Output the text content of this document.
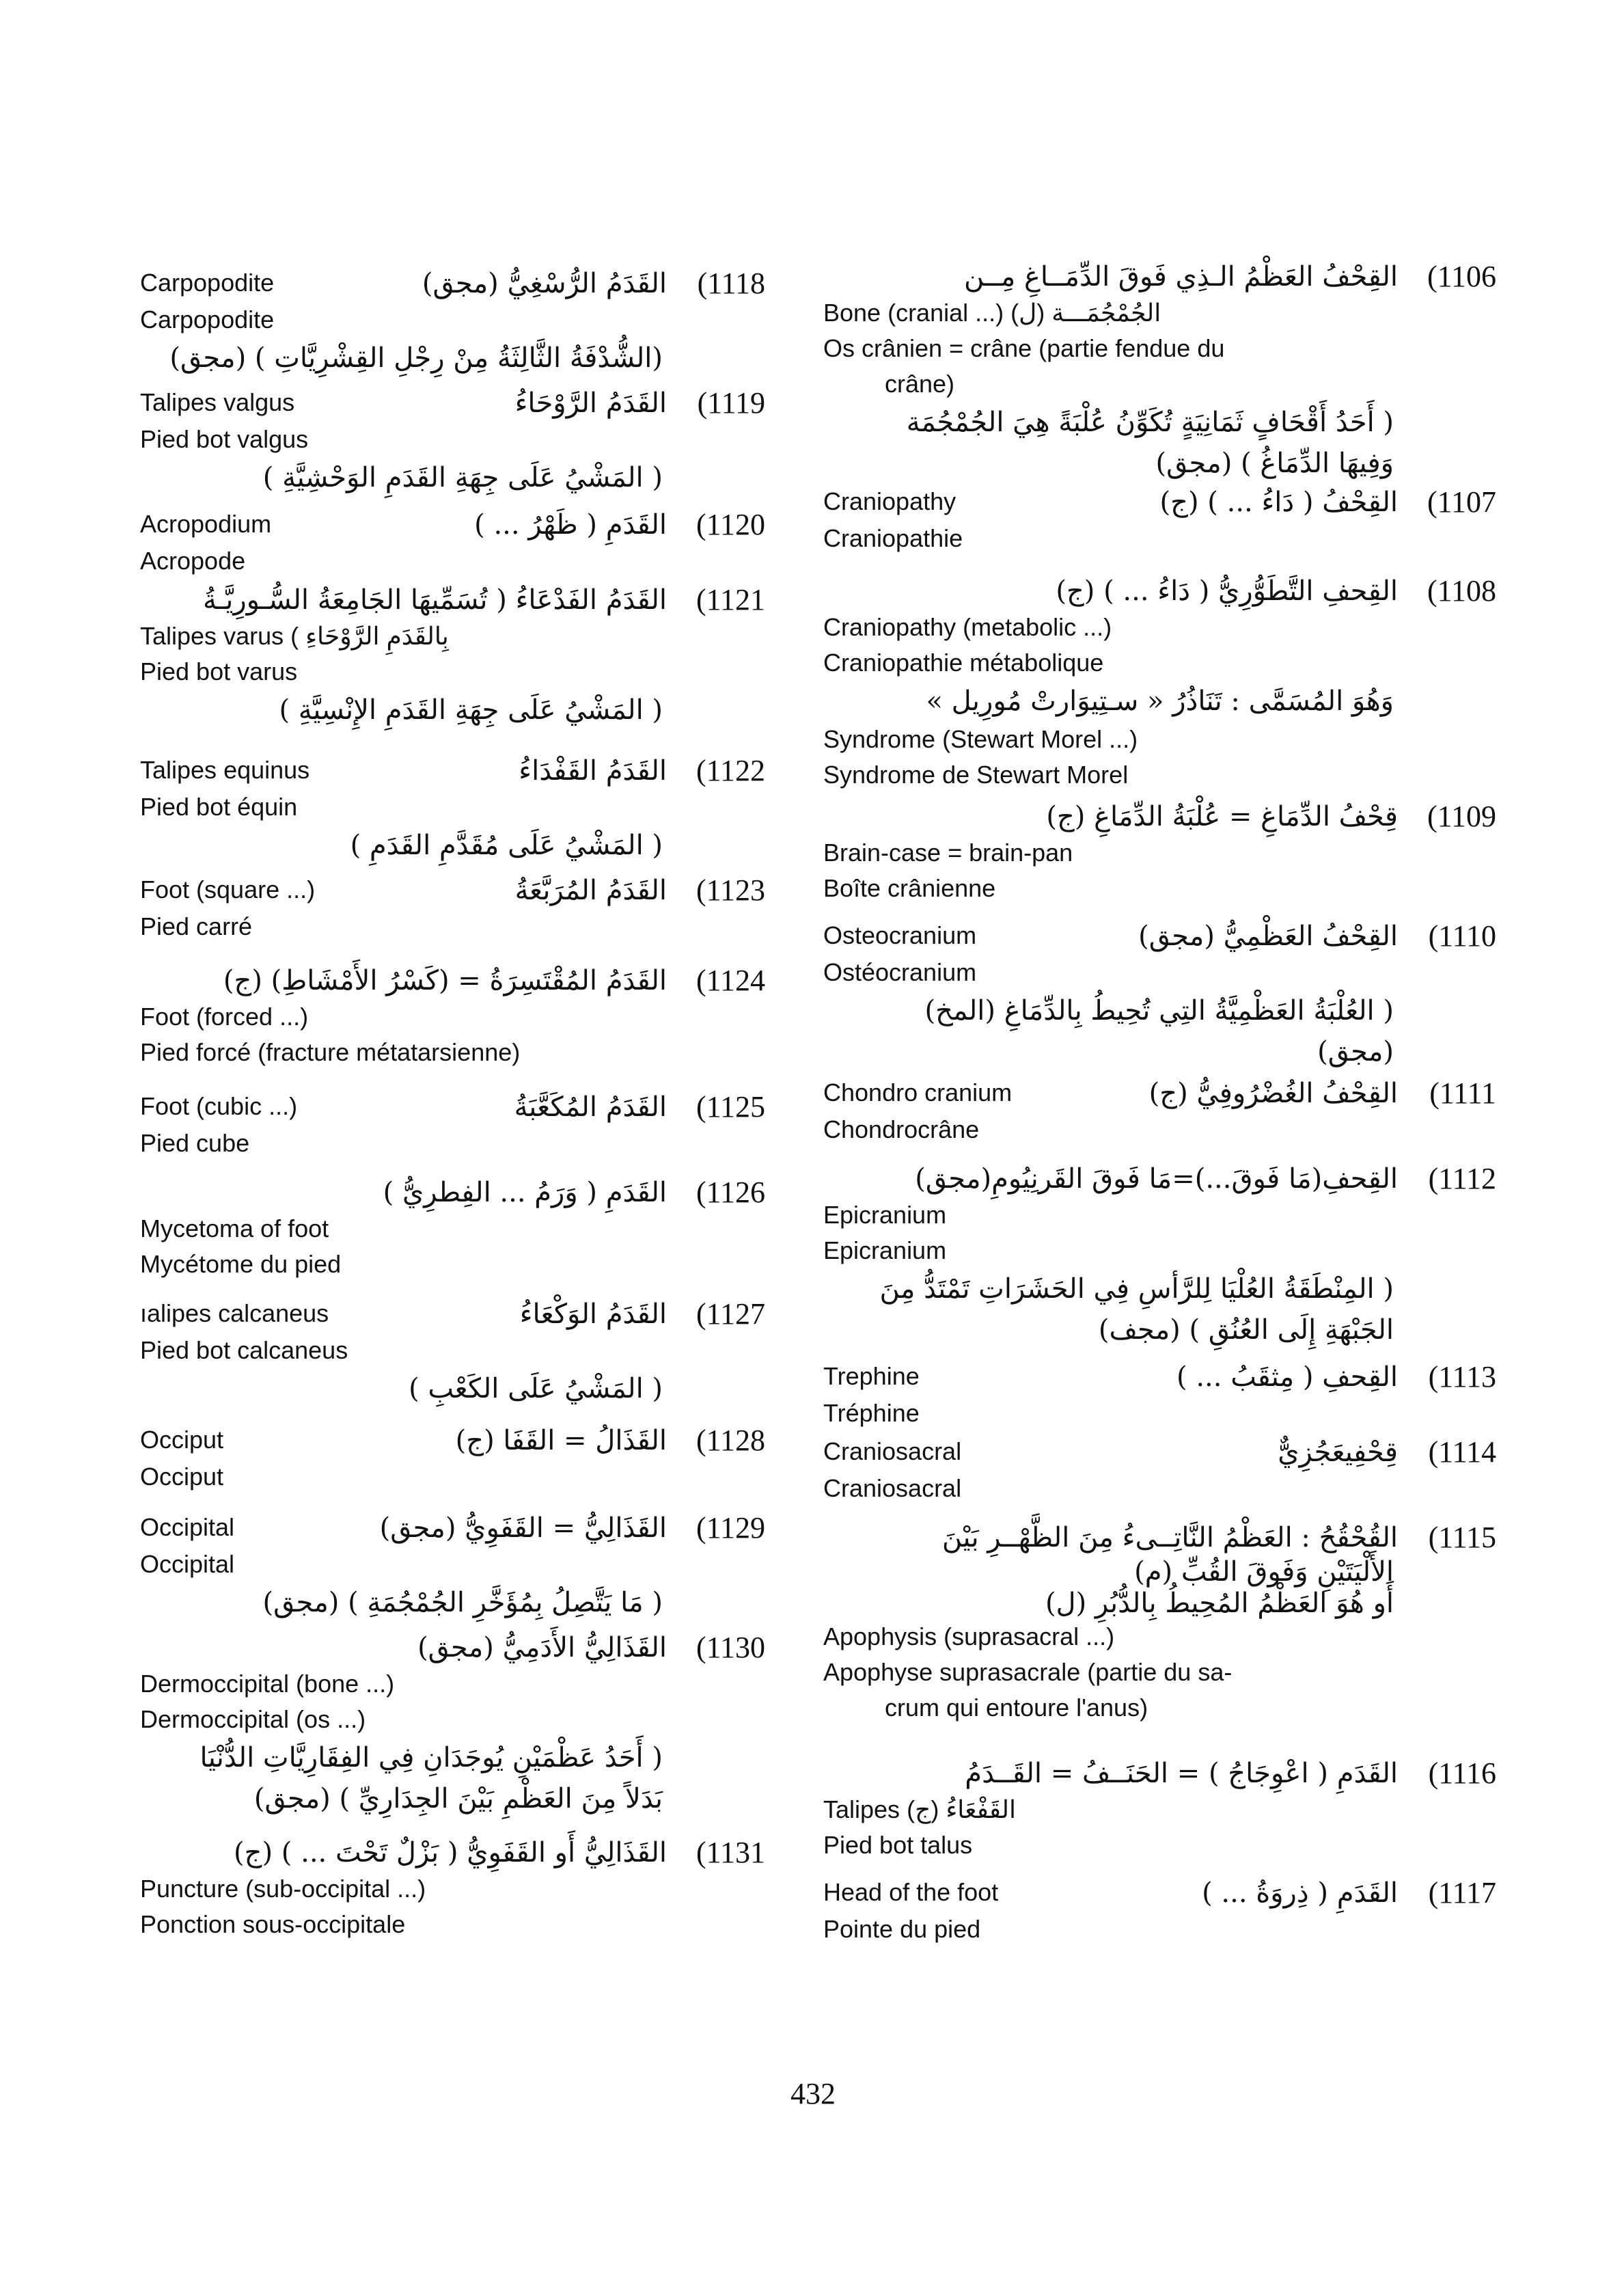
القِحْفُ العَظْمُ الـذِي فَوقَ الدِّمَــاغِ مِــن (1106
Bone (cranial ...) (ل) الجُمْجُمَـــة
Os crânien = crâne (partie fendue du
crâne)
( أَحَدُ أَقْحَافٍ ثَمَانِيَةٍ تُكَوِّنُ عُلْبَةً هِيَ الجُمْجُمَة
وَفِيهَا الدِّمَاغُ ) (مجق)
Craniopathy	القِحْفُ ( دَاءُ ... ) (ج) (1107
Craniopathie
القِحفِ التَّطَوُّرِيُّ ( دَاءُ ... ) (ج) (1108
Craniopathy (metabolic ...)
Craniopathie métabolique
وَهُوَ المُسَمَّى : تَنَاذُرُ « سـتِيوَارتْ مُورِيل »
Syndrome (Stewart Morel ...)
Syndrome de Stewart Morel
قِحْفُ الدِّمَاغِ = عُلْبَةُ الدِّمَاغِ (ج) (1109
Brain-case = brain-pan
Boîte crânienne
Osteocranium	القِحْفُ العَظْمِيُّ (مجق)	(1110
Ostéocranium
( العُلْبَةُ العَظْمِيَّةُ التِي تُحِيطُ بِالدِّمَاغِ (المخ)
(مجق)
Chondro cranium	القِحْفُ الغُضْرُوفِيُّ (ج)	(1111
Chondrocrâne
القِحفِ(مَا فَوقَ...)=مَا فَوقَ القَرنِيُومِ(مجق)	(1112
Epicranium
Epicranium
( المِنْطَقَةُ العُلْيَا لِلرَّأسِ فِي الحَشَرَاتِ تَمْتَدُّ مِنَ
الجَبْهَةِ إِلَى العُنُقِ ) (مجف)
Trephine	القِحفِ ( مِثقَبُ ... )	(1113
Tréphine
Craniosacral	قِحْفِيعَجُزِيٌّ	(1114
Craniosacral
القُحْقُحُ : العَظْمُ النَّاتِــىءُ مِنَ الظَّهْــرِ بَيْنَ	(1115
الأَلْيَتَيْنِ وَفَوقَ القُبِّ (م)
أَو هُوَ العَظْمُ المُحِيطُ بِالدُّبُرِ (ل)
Apophysis (suprasacral ...)
Apophyse suprasacrale (partie du sa-
crum qui entoure l'anus)
القَدَمِ ( اعْوِجَاجُ ) = الحَنَــفُ = القَــدَمُ	(1116
Talipes (ج) القَفْعَاءُ
Pied bot talus
Head of the foot	القَدَمِ ( ذِروَةُ ... )	(1117
Pointe du pied
Carpopodite	القَدَمُ الرُّسْغِيُّ (مجق)	(1118
Carpopodite
(الشُّدْفَةُ الثَّالِثَةُ مِنْ رِجْلِ القِشْرِيَّاتِ ) (مجق)
Talipes valgus	القَدَمُ الرَّوْحَاءُ	(1119
Pied bot valgus
( المَشْيُ عَلَى جِهَةِ القَدَمِ الوَحْشِيَّةِ )
Acropodium	القَدَمِ ( ظَهْرُ ... ) (1120
Acropode
القَدَمُ الفَدْعَاءُ ( تُسَمِّيهَا الجَامِعَةُ السُّـورِيَّـةُ (1121
Talipes varus ( بِالقَدَمِ الرَّوْحَاءِ
Pied bot varus
( المَشْيُ عَلَى جِهَةِ القَدَمِ الإِنْسِيَّةِ )
Talipes equinus	القَدَمُ القَفْدَاءُ (1122
Pied bot équin
( المَشْيُ عَلَى مُقَدَّمِ القَدَمِ )
Foot (square ...)	القَدَمُ المُرَبَّعَةُ (1123
Pied carré
القَدَمُ المُقْتَسِرَةُ = (كَسْرُ الأَمْشَاطِ) (ج) (1124
Foot (forced ...)
Pied forcé (fracture métatarsienne)
Foot (cubic ...)	القَدَمُ المُكَعَّبَةُ (1125
Pied cube
القَدَمِ ( وَرَمُ ... الفِطرِيُّ ) (1126
Mycetoma of foot
Mycétome du pied
ıalipes calcaneus	القَدَمُ الوَكْعَاءُ (1127
Pied bot calcaneus
( المَشْيُ عَلَى الكَعْبِ )
Occiput	القَذَالُ = القَفَا (ج) (1128
Occiput
Occipital	القَذَالِيُّ = القَفَوِيُّ (مجق) (1129
Occipital
( مَا يَتَّصِلُ بِمُؤَخَّرِ الجُمْجُمَةِ ) (مجق)
القَذَالِيُّ الأَدَمِيُّ (مجق) (1130
Dermoccipital (bone ...)
Dermoccipital (os ...)
( أَحَدُ عَظْمَيْنِ يُوجَدَانِ فِي الفِقَارِيَّاتِ الدُّنْيَا
بَدَلاً مِنَ العَظْمِ بَيْنَ الجِدَارِيِّ ) (مجق)
القَذَالِيُّ أَو القَفَوِيُّ ( بَزْلٌ تَحْتَ ... ) (ج) (1131
Puncture (sub-occipital ...)
Ponction sous-occipitale
432
